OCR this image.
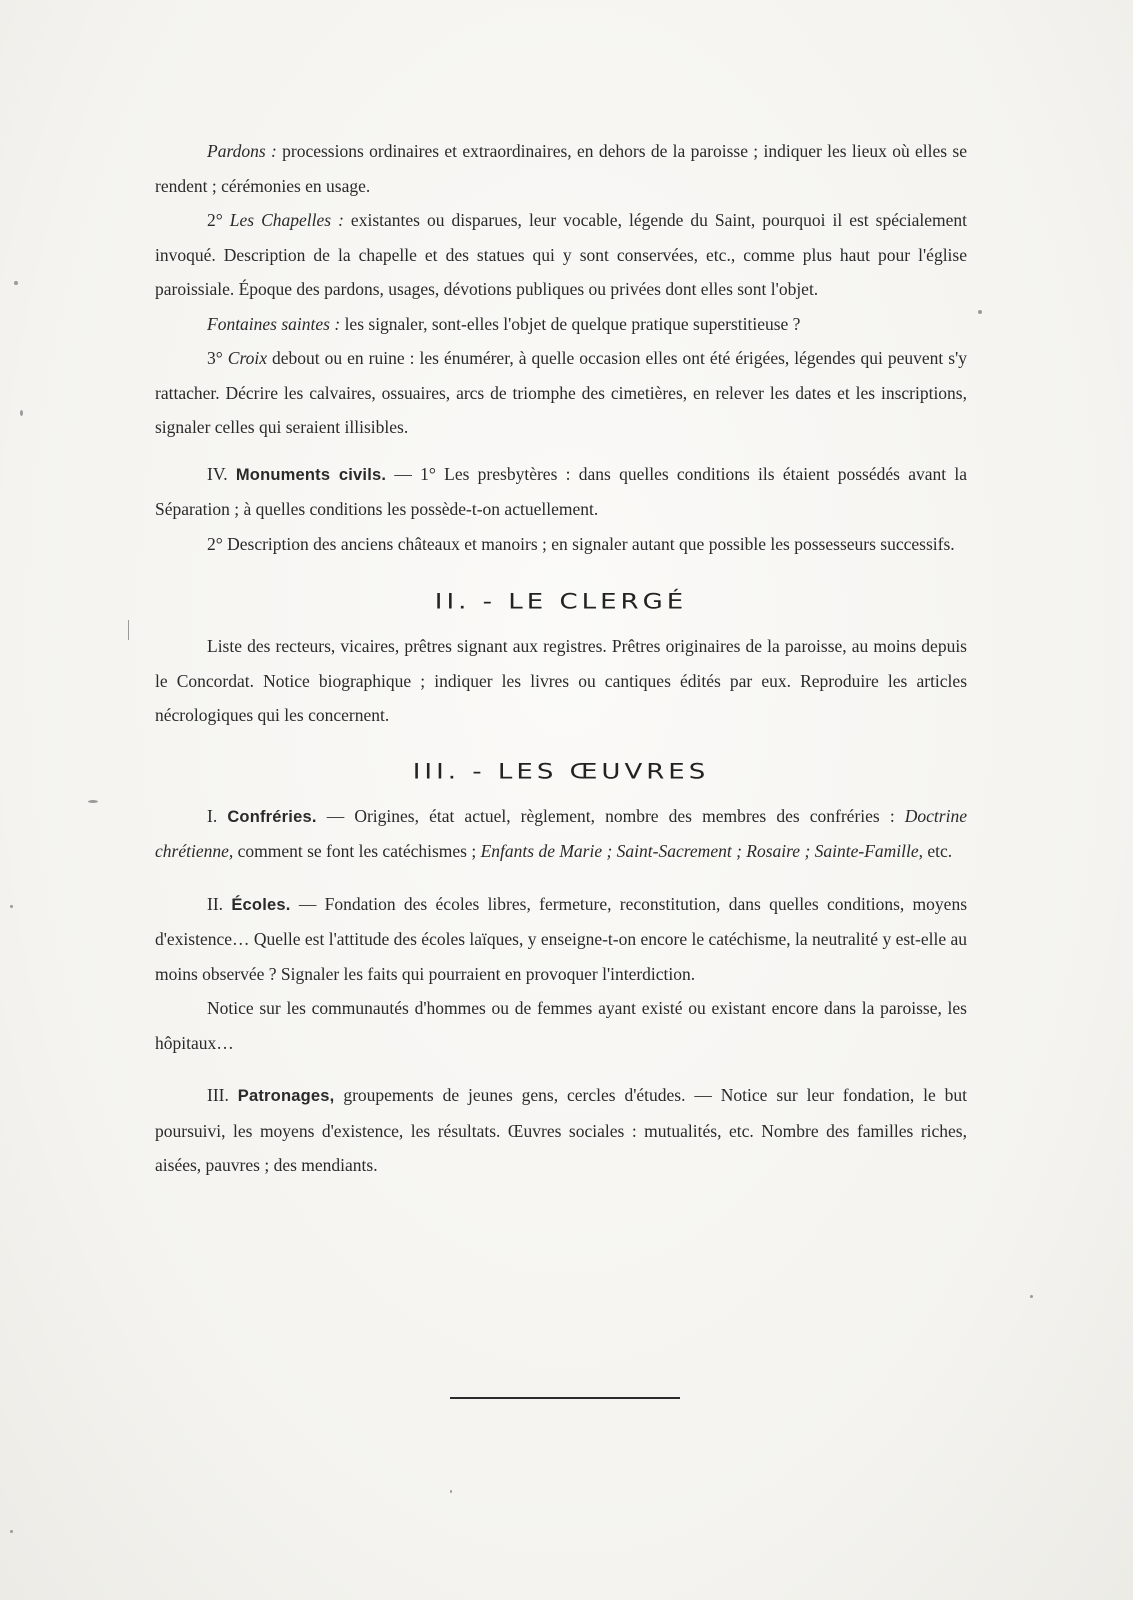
Pardons : processions ordinaires et extraordinaires, en dehors de la paroisse ; indiquer les lieux où elles se rendent ; cérémonies en usage.

2° Les Chapelles : existantes ou disparues, leur vocable, légende du Saint, pourquoi il est spécialement invoqué. Description de la chapelle et des statues qui y sont conservées, etc., comme plus haut pour l'église paroissiale. Époque des pardons, usages, dévotions publiques ou privées dont elles sont l'objet.

Fontaines saintes : les signaler, sont-elles l'objet de quelque pratique superstitieuse ?

3° Croix debout ou en ruine : les énumérer, à quelle occasion elles ont été érigées, légendes qui peuvent s'y rattacher. Décrire les calvaires, ossuaires, arcs de triomphe des cimetières, en relever les dates et les inscriptions, signaler celles qui seraient illisibles.

IV. Monuments civils. — 1° Les presbytères : dans quelles conditions ils étaient possédés avant la Séparation ; à quelles conditions les possède-t-on actuellement.

2° Description des anciens châteaux et manoirs ; en signaler autant que possible les possesseurs successifs.

II. - LE CLERGÉ

Liste des recteurs, vicaires, prêtres signant aux registres. Prêtres originaires de la paroisse, au moins depuis le Concordat. Notice biographique ; indiquer les livres ou cantiques édités par eux. Reproduire les articles nécrologiques qui les concernent.

III. - LES ŒUVRES

I. Confréries. — Origines, état actuel, règlement, nombre des membres des confréries : Doctrine chrétienne, comment se font les catéchismes ; Enfants de Marie ; Saint-Sacrement ; Rosaire ; Sainte-Famille, etc.

II. Écoles. — Fondation des écoles libres, fermeture, reconstitution, dans quelles conditions, moyens d'existence… Quelle est l'attitude des écoles laïques, y enseigne-t-on encore le catéchisme, la neutralité y est-elle au moins observée ? Signaler les faits qui pourraient en provoquer l'interdiction.

Notice sur les communautés d'hommes ou de femmes ayant existé ou existant encore dans la paroisse, les hôpitaux…

III. Patronages, groupements de jeunes gens, cercles d'études. — Notice sur leur fondation, le but poursuivi, les moyens d'existence, les résultats. Œuvres sociales : mutualités, etc. Nombre des familles riches, aisées, pauvres ; des mendiants.
